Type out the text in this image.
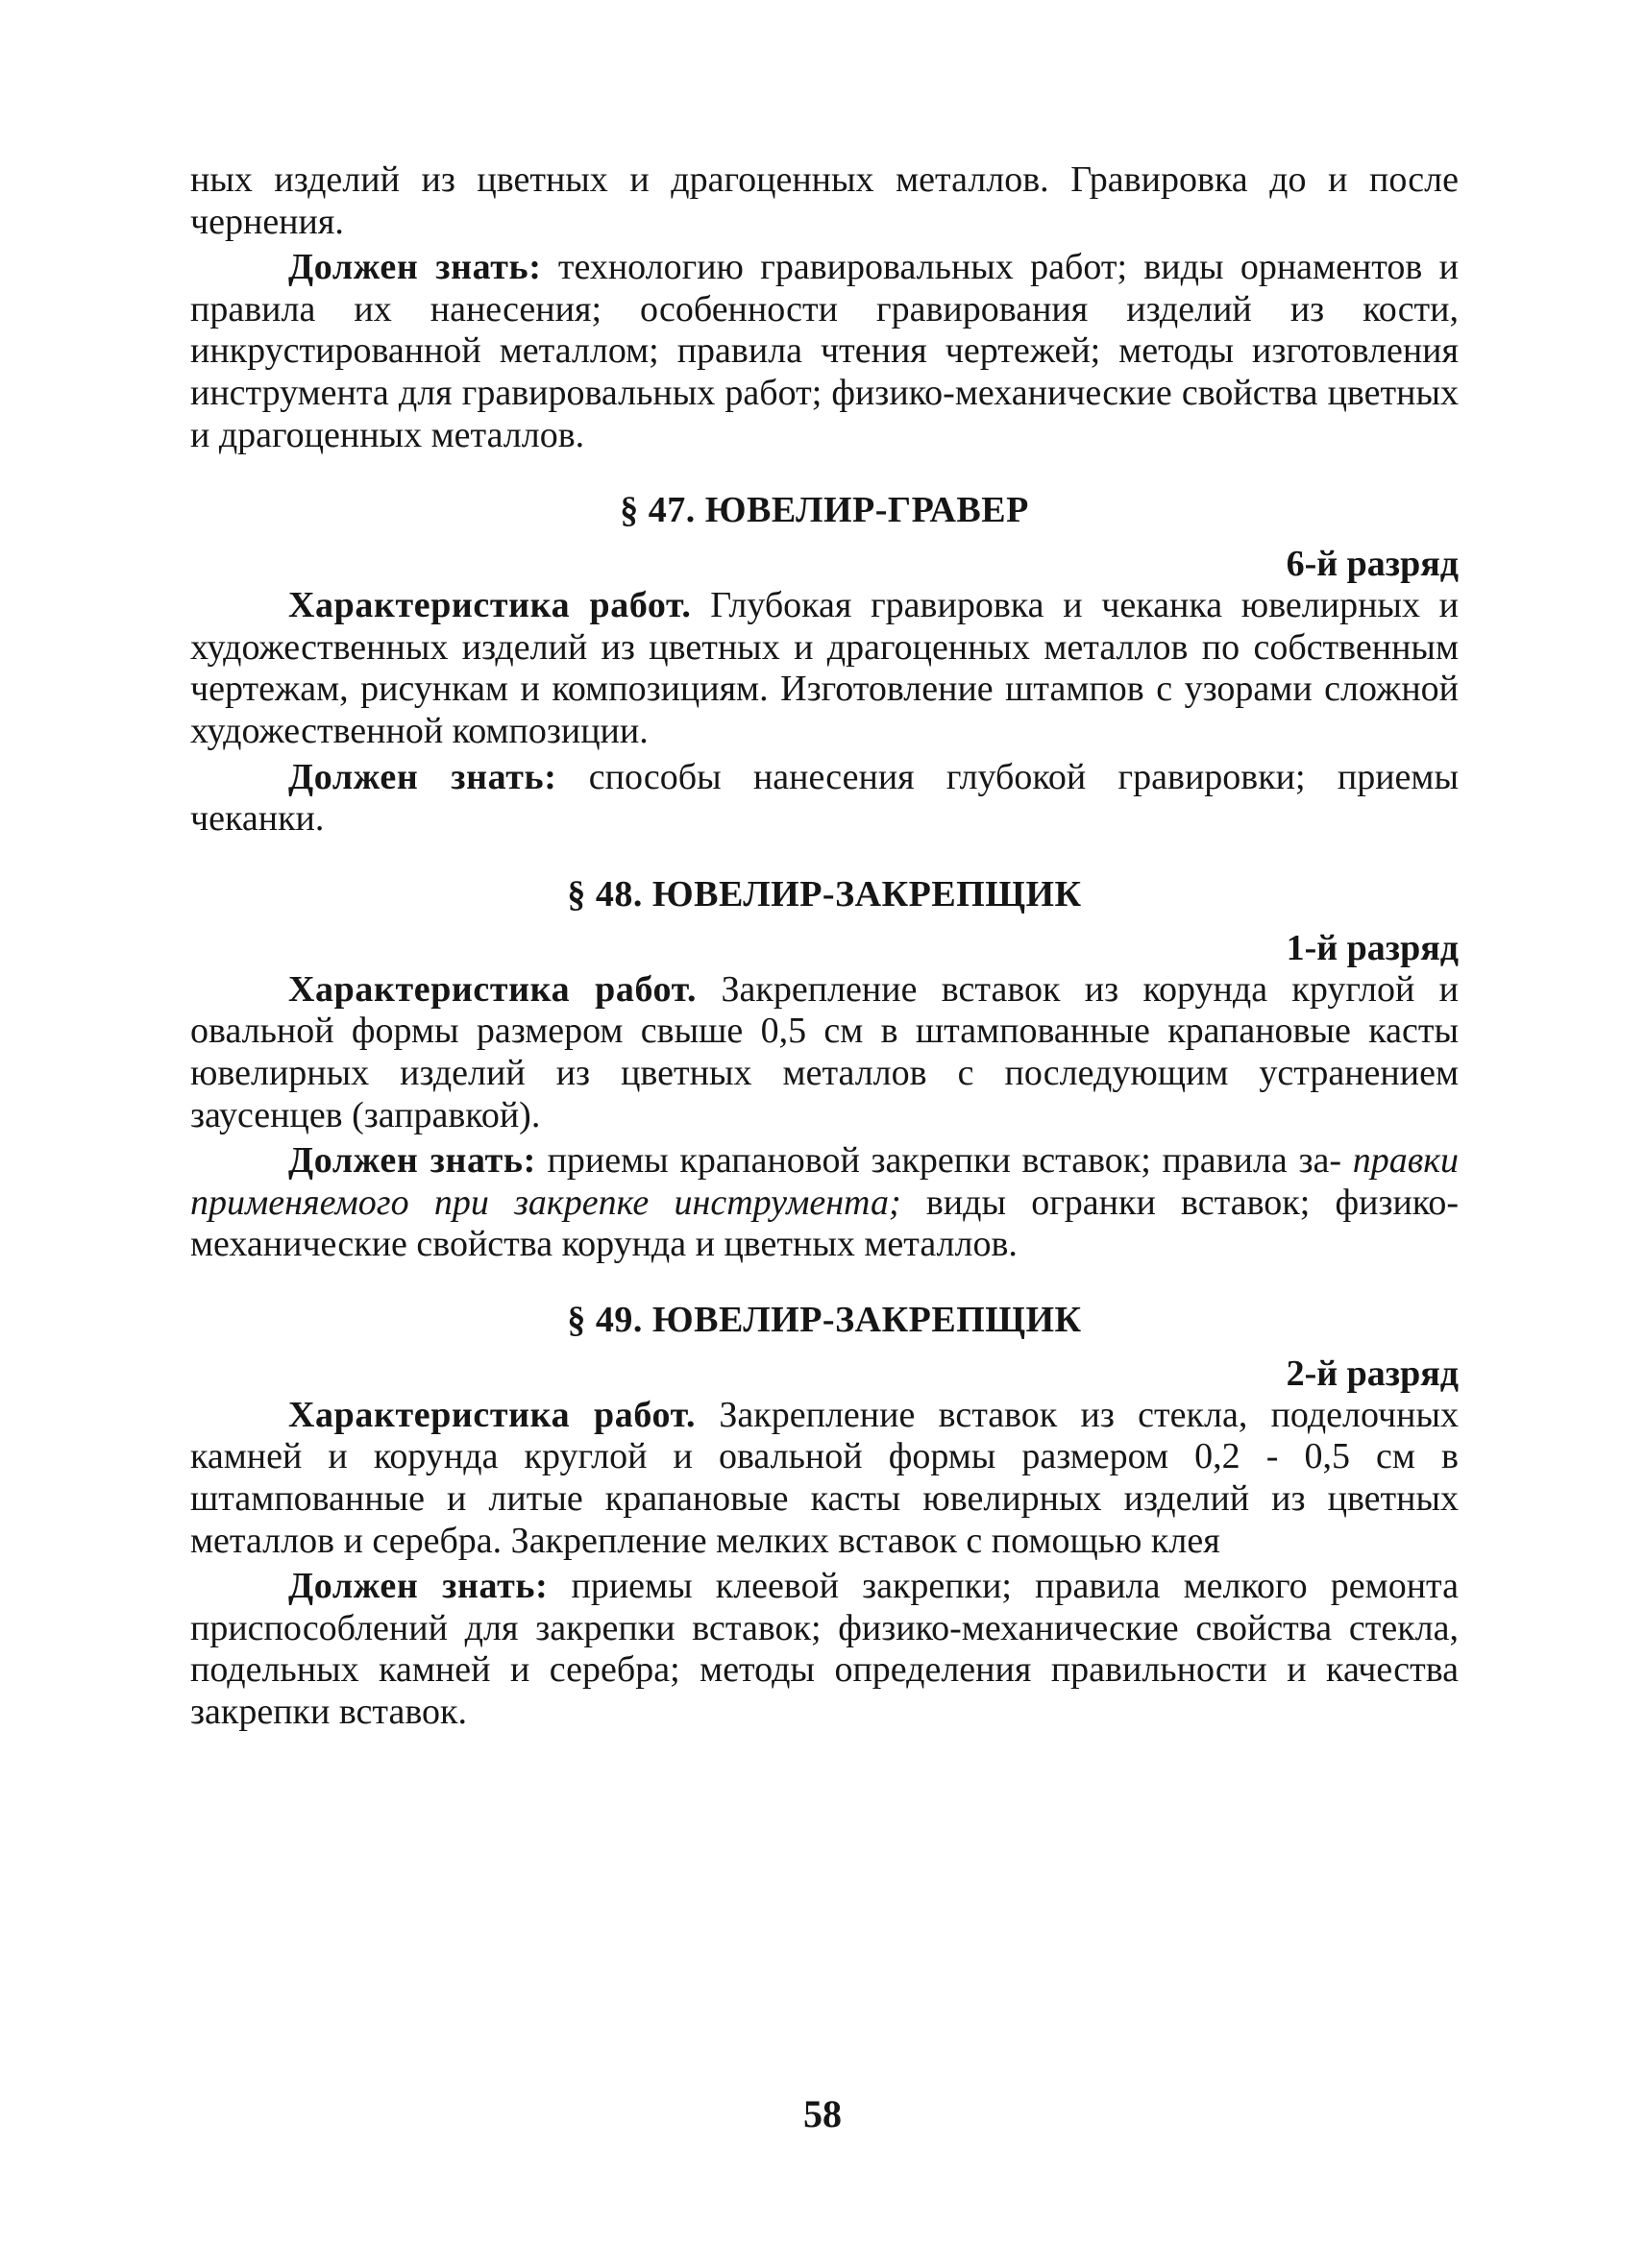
ных изделий из цветных и драгоценных металлов. Гравировка до и после чернения.

Должен знать: технологию гравировальных работ; виды орнаментов и правила их нанесения; особенности гравирования изделий из кости, инкрустированной металлом; правила чтения чертежей; методы изготовления инструмента для гравировальных работ; физико-механические свойства цветных и драгоценных металлов.

§ 47. ЮВЕЛИР-ГРАВЕР
6-й разряд

Характеристика работ. Глубокая гравировка и чеканка ювелирных и художественных изделий из цветных и драгоценных металлов по собственным чертежам, рисункам и композициям. Изготовление штампов с узорами сложной художественной композиции.

Должен знать: способы нанесения глубокой гравировки; приемы чеканки.

§ 48. ЮВЕЛИР-ЗАКРЕПЩИК
1-й разряд

Характеристика работ. Закрепление вставок из корунда круглой и овальной формы размером свыше 0,5 см в штампованные крапановые касты ювелирных изделий из цветных металлов с последующим устранением заусенцев (заправкой).

Должен знать: приемы крапановой закрепки вставок; правила за- правки применяемого при закрепке инструмента; виды огранки вставок; физико-механические свойства корунда и цветных металлов.

§ 49. ЮВЕЛИР-ЗАКРЕПЩИК
2-й разряд

Характеристика работ. Закрепление вставок из стекла, поделочных камней и корунда круглой и овальной формы размером 0,2 - 0,5 см в штампованные и литые крапановые касты ювелирных изделий из цветных металлов и серебра. Закрепление мелких вставок с помощью клея

Должен знать: приемы клеевой закрепки; правила мелкого ремонта приспособлений для закрепки вставок; физико-механические свойства стекла, подельных камней и серебра; методы определения правильности и качества закрепки вставок.

58
